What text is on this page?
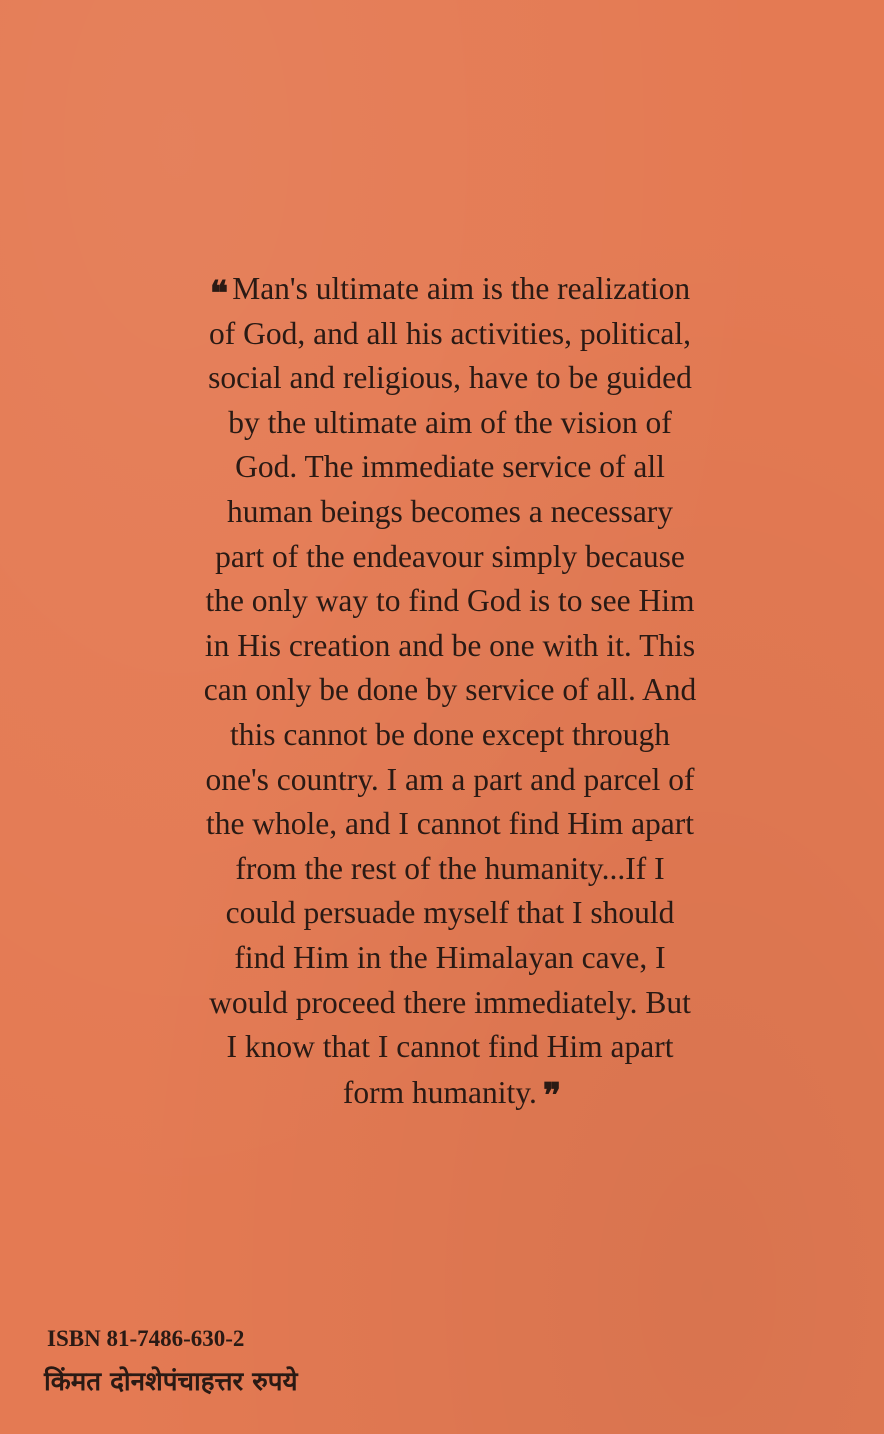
❝ Man's ultimate aim is the realization
of God, and all his activities, political,
social and religious, have to be guided
by the ultimate aim of the vision of
God. The immediate service of all
human beings becomes a necessary
part of the endeavour simply because
the only way to find God is to see Him
in His creation and be one with it. This
can only be done by service of all. And
this cannot be done except through
one's country. I am a part and parcel of
the whole, and I cannot find Him apart
from the rest of the humanity...If I
could persuade myself that I should
find Him in the Himalayan cave, I
would proceed there immediately. But
I know that I cannot find Him apart
form humanity. ❞
ISBN 81-7486-630-2
किंमत दोनशेपंचाहत्तर रुपये
